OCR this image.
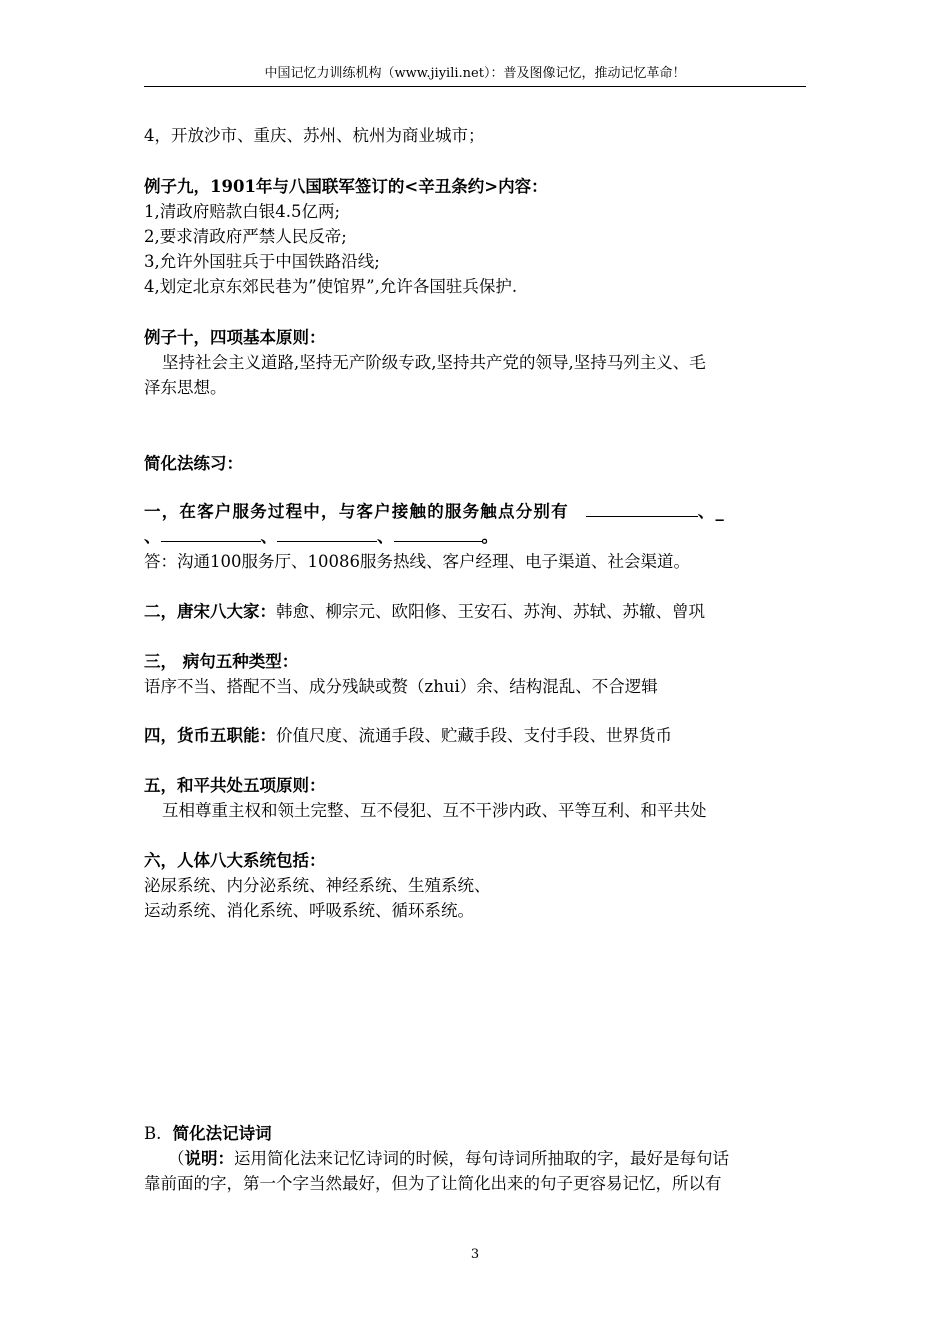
中国记忆力训练机构（www.jiyili.net）：普及图像记忆，推动记忆革命！
4，开放沙市、重庆、苏州、杭州为商业城市；
例子九，1901年与八国联军签订的<辛丑条约>内容：
1,清政府赔款白银4.5亿两;
2,要求清政府严禁人民反帝;
3,允许外国驻兵于中国铁路沿线;
4,划定北京东郊民巷为”使馆界”,允许各国驻兵保护.
例子十，四项基本原则：
坚持社会主义道路,坚持无产阶级专政,坚持共产党的领导,坚持马列主义、毛
泽东思想。
简化法练习：
一，在客户服务过程中，与客户接触的服务触点分别有	、_
、	、	、	。
答：沟通100服务厅、10086服务热线、客户经理、电子渠道、社会渠道。
二，唐宋八大家：韩愈、柳宗元、欧阳修、王安石、苏洵、苏轼、苏辙、曾巩
三， 病句五种类型：
语序不当、搭配不当、成分残缺或赘（zhui）余、结构混乱、不合逻辑
四，货币五职能：价值尺度、流通手段、贮藏手段、支付手段、世界货币
五，和平共处五项原则：
互相尊重主权和领土完整、互不侵犯、互不干涉内政、平等互利、和平共处
六，人体八大系统包括：
泌尿系统、内分泌系统、神经系统、生殖系统、
运动系统、消化系统、呼吸系统、循环系统。
B. 简化法记诗词
（说明：运用简化法来记忆诗词的时候，每句诗词所抽取的字，最好是每句话
靠前面的字，第一个字当然最好，但为了让简化出来的句子更容易记忆，所以有
3
